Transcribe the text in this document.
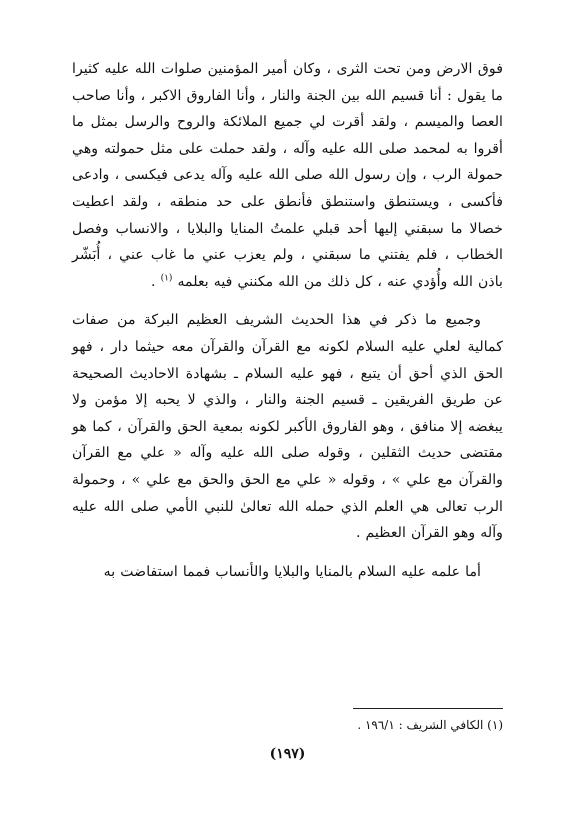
فوق الارض ومن تحت الثرى ، وكان أمير المؤمنين صلوات الله عليه كثيرا ما يقول : أنا قسيم الله بين الجنة والنار ، وأنا الفاروق الاكبر ، وأنا صاحب العصا والميسم ، ولقد أقرت لي جميع الملائكة والروح والرسل بمثل ما أقروا به لمحمد صلى الله عليه وآله ، ولقد حملت على مثل حمولته وهي حمولة الرب ، وإن رسول الله صلى الله عليه وآله يدعى فيكسى ، وادعى فأكسى ، ويستنطق واستنطق فأنطق على حد منطقه ، ولقد اعطيت خصالا ما سبقني إليها أحد قبلي علمتُ المنايا والبلايا ، والانساب وفصل الخطاب ، فلم يفتني ما سبقني ، ولم يعزب عني ما غاب عني ، أُبَشّر باذن الله وأُؤدي عنه ، كل ذلك من الله مكنني فيه بعلمه $^{(١)}$ .

وجميع ما ذكر في هذا الحديث الشريف العظيم البركة من صفات كمالية لعلي عليه السلام لكونه مع القرآن والقرآن معه حيثما دار ، فهو الحق الذي أحق أن يتبع ، فهو عليه السلام ـ بشهادة الاحاديث الصحيحة عن طريق الفريقين ـ قسيم الجنة والنار ، والذي لا يحبه إلا مؤمن ولا يبغضه إلا منافق ، وهو الفاروق الأكبر لكونه بمعية الحق والقرآن ، كما هو مقتضى حديث الثقلين ، وقوله صلى الله عليه وآله « علي مع القرآن والقرآن مع علي » ، وقوله « علي مع الحق والحق مع علي » ، وحمولة الرب تعالى هي العلم الذي حمله الله تعالىٰ للنبي الأمي صلى الله عليه وآله وهو القرآن العظيم .

أما علمه عليه السلام بالمنايا والبلايا والأنساب فمما استفاضت به

(١) الكافي الشريف : ١٩٦/١ .
(١٩٧)
